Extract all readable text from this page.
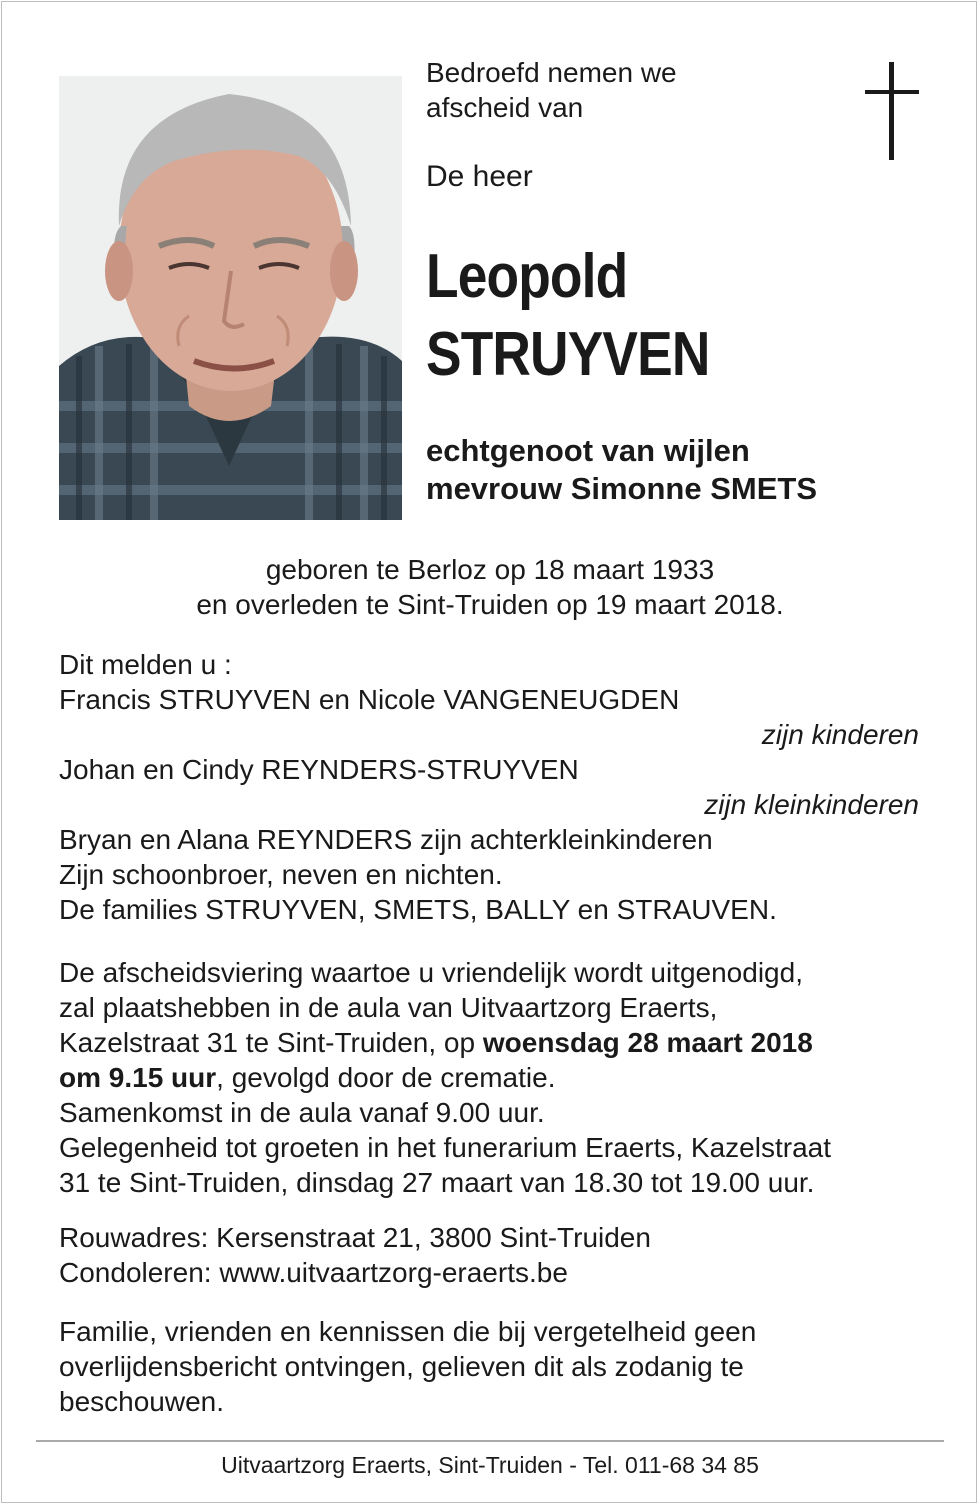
Bedroefd nemen we
afscheid van
De heer
Leopold
STRUYVEN
echtgenoot van wijlen
mevrouw Simonne SMETS
geboren te Berloz op 18 maart 1933
en overleden te Sint-Truiden op 19 maart 2018.
Dit melden u :
Francis STRUYVEN en Nicole VANGENEUGDEN
zijn kinderen
Johan en Cindy REYNDERS-STRUYVEN
zijn kleinkinderen
Bryan en Alana REYNDERS zijn achterkleinkinderen
Zijn schoonbroer, neven en nichten.
De families STRUYVEN, SMETS, BALLY en STRAUVEN.
De afscheidsviering waartoe u vriendelijk wordt uitgenodigd,
zal plaatshebben in de aula van Uitvaartzorg Eraerts,
Kazelstraat 31 te Sint-Truiden, op woensdag 28 maart 2018
om 9.15 uur, gevolgd door de crematie.
Samenkomst in de aula vanaf 9.00 uur.
Gelegenheid tot groeten in het funerarium Eraerts, Kazelstraat
31 te Sint-Truiden, dinsdag 27 maart van 18.30 tot 19.00 uur.
Rouwadres: Kersenstraat 21, 3800 Sint-Truiden
Condoleren: www.uitvaartzorg-eraerts.be
Familie, vrienden en kennissen die bij vergetelheid geen
overlijdensbericht ontvingen, gelieven dit als zodanig te
beschouwen.
Uitvaartzorg Eraerts, Sint-Truiden - Tel. 011-68 34 85
